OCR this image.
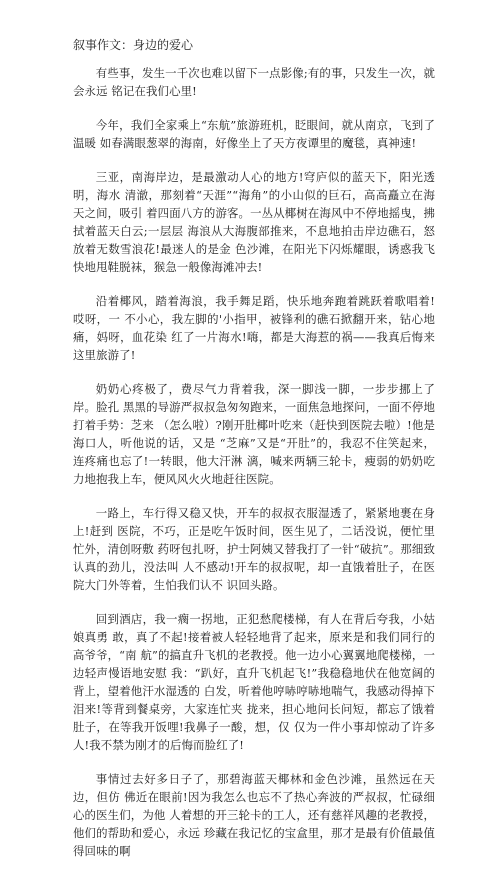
叙事作文：身边的爱心

有些事，发生一千次也难以留下一点影像;有的事，只发生一次，就会永远 铭记在我们心里!

今年，我们全家乘上“东航”旅游班机，眨眼间，就从南京，飞到了温暖 如春满眼葱翠的海南，好像坐上了天方夜谭里的魔毯，真神速!

三亚，南海岸边，是最激动人心的地方!穹庐似的蓝天下，阳光透明，海水 清澈，那刻着“天涯”“海角”的小山似的巨石，高高矗立在海天之间，吸引 着四面八方的游客。一丛从椰树在海风中不停地摇曳，拂拭着蓝天白云;一层层 海浪从大海腹部推来，不息地拍击岸边礁石，怒放着无数雪浪花!最迷人的是金 色沙滩，在阳光下闪烁耀眼，诱惑我飞快地甩鞋脱袜，猴急一般像海滩冲去!

沿着椰风，踏着海浪，我手舞足蹈，快乐地奔跑着跳跃着歌唱着!哎呀，一 不小心，我左脚的'小指甲，被锋利的礁石掀翻开来，钻心地痛，妈呀，血花染 红了一片海水!嗨，都是大海惹的祸——我真后悔来这里旅游了!

奶奶心疼极了，费尽气力背着我，深一脚浅一脚，一步步挪上了岸。脸孔 黑黑的导游严叔叔急匆匆跑来，一面焦急地探问，一面不停地打着手势：芝来 （怎么啦）?刚开肚椰叶吃来（赶快到医院去啦）!他是海口人，听他说的话，又是 “芝麻”又是“开肚”的，我忍不住笑起来，连疼痛也忘了!一转眼，他大汗淋 漓，喊来两辆三轮卡，瘦弱的奶奶吃力地抱我上车，便风风火火地赶往医院。

一路上，车行得又稳又快，开车的叔叔衣服湿透了，紧紧地裹在身上!赶到 医院，不巧，正是吃午饭时间，医生见了，二话没说，便忙里忙外，清创呀敷 药呀包扎呀，护士阿姨又替我打了一针“破抗”。那细致认真的劲儿，没法叫 人不感动!开车的叔叔呢，却一直饿着肚子，在医院大门外等着，生怕我们认不 识回头路。

回到酒店，我一瘸一拐地，正犯愁爬楼梯，有人在背后夸我，小姑娘真勇 敢，真了不起!接着被人轻轻地背了起来，原来是和我们同行的高爷爷，“南 航”的搞直升飞机的老教授。他一边小心翼翼地爬楼梯，一边轻声慢语地安慰 我：“趴好，直升飞机起飞!”我稳稳地伏在他宽阔的背上，望着他汗水湿透的 白发，听着他哼哧哼哧地喘气，我感动得掉下泪来!等背到餐桌旁，大家连忙夹 拢来，担心地问长问短，都忘了饿着肚子，在等我开饭哩!我鼻子一酸，想，仅 仅为一件小事却惊动了许多人!我不禁为刚才的后悔而脸红了!

事情过去好多日子了，那碧海蓝天椰林和金色沙滩，虽然远在天边，但仿 佛近在眼前!因为我怎么也忘不了热心奔波的严叔叔，忙碌细心的医生们，为他 人着想的开三轮卡的工人，还有慈祥风趣的老教授，他们的帮助和爱心，永远 珍藏在我记忆的宝盒里，那才是最有价值最值得回味的啊
